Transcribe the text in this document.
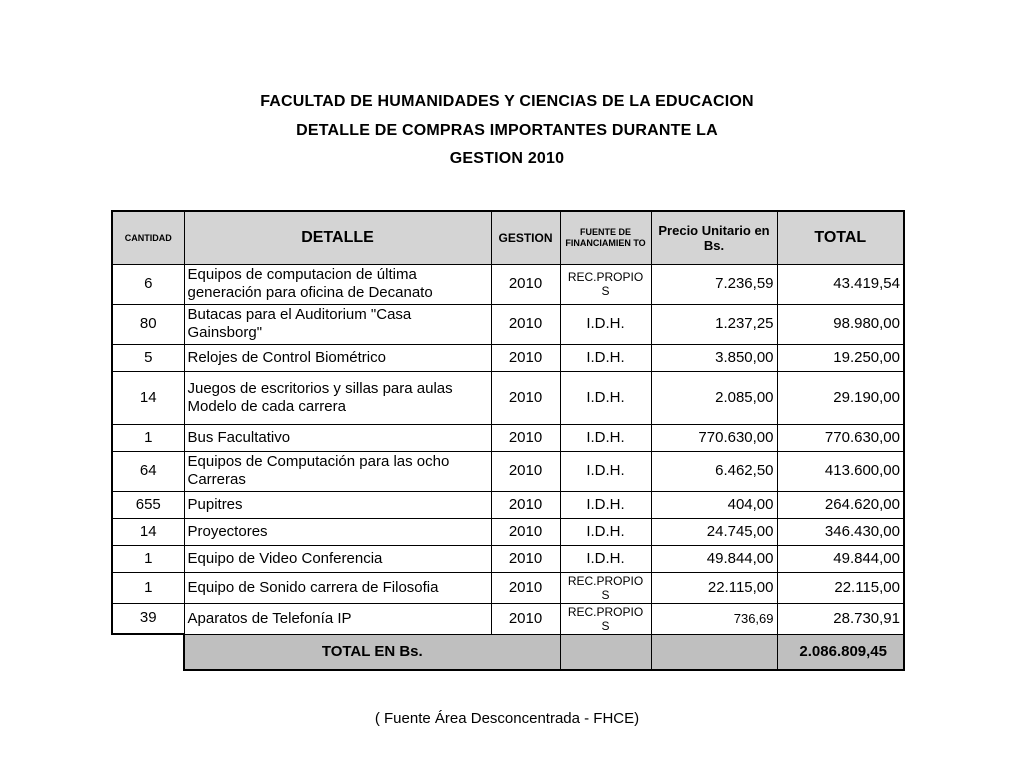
FACULTAD DE HUMANIDADES Y CIENCIAS DE LA EDUCACION
DETALLE DE COMPRAS IMPORTANTES DURANTE LA
GESTION 2010
CANTIDAD	DETALLE	GESTION	FUENTE DE FINANCIAMIEN TO	Precio Unitario en Bs.	TOTAL
6	Equipos de computacion de última generación para oficina de Decanato	2010	REC.PROPIO S	7.236,59	43.419,54
80	Butacas para el Auditorium "Casa Gainsborg"	2010	I.D.H.	1.237,25	98.980,00
5	Relojes de Control Biométrico	2010	I.D.H.	3.850,00	19.250,00
14	Juegos de escritorios y sillas para aulas Modelo de cada carrera	2010	I.D.H.	2.085,00	29.190,00
1	Bus Facultativo	2010	I.D.H.	770.630,00	770.630,00
64	Equipos de Computación para las ocho Carreras	2010	I.D.H.	6.462,50	413.600,00
655	Pupitres	2010	I.D.H.	404,00	264.620,00
14	Proyectores	2010	I.D.H.	24.745,00	346.430,00
1	Equipo de Video Conferencia	2010	I.D.H.	49.844,00	49.844,00
1	Equipo de Sonido carrera de Filosofia	2010	REC.PROPIO S	22.115,00	22.115,00
39	Aparatos de Telefonía IP	2010	REC.PROPIO S	736,69	28.730,91
	TOTAL EN Bs.				2.086.809,45
( Fuente Área Desconcentrada - FHCE)
